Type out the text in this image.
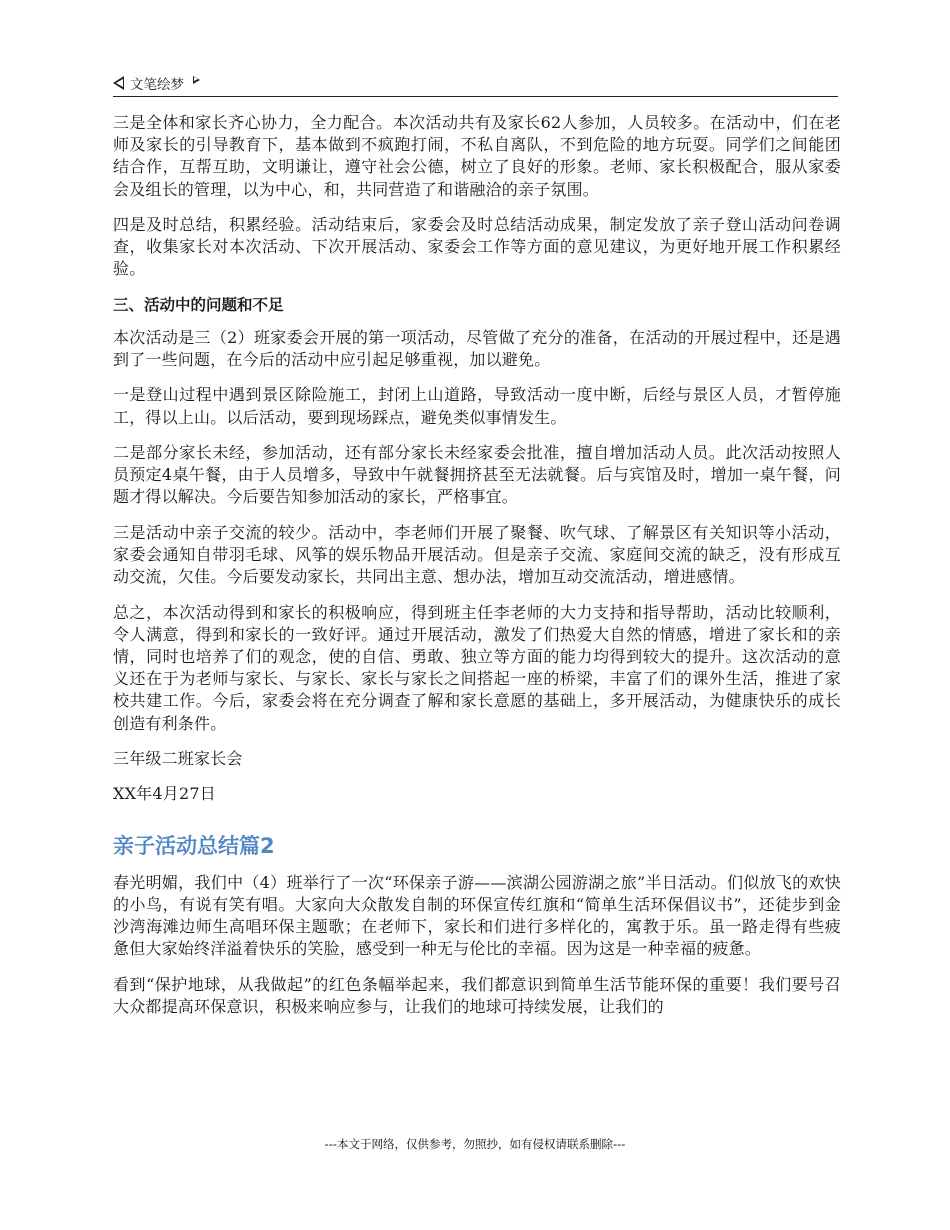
文笔绘梦

三是全体和家长齐心协力，全力配合。本次活动共有及家长62人参加，人员较多。在活动中，们在老师及家长的引导教育下，基本做到不疯跑打闹，不私自离队，不到危险的地方玩耍。同学们之间能团结合作，互帮互助，文明谦让，遵守社会公德，树立了良好的形象。老师、家长积极配合，服从家委会及组长的管理，以为中心，和，共同营造了和谐融洽的亲子氛围。

四是及时总结，积累经验。活动结束后，家委会及时总结活动成果，制定发放了亲子登山活动问卷调查，收集家长对本次活动、下次开展活动、家委会工作等方面的意见建议，为更好地开展工作积累经验。

三、活动中的问题和不足

本次活动是三（2）班家委会开展的第一项活动，尽管做了充分的准备，在活动的开展过程中，还是遇到了一些问题，在今后的活动中应引起足够重视，加以避免。

一是登山过程中遇到景区除险施工，封闭上山道路，导致活动一度中断，后经与景区人员，才暂停施工，得以上山。以后活动，要到现场踩点，避免类似事情发生。

二是部分家长未经，参加活动，还有部分家长未经家委会批准，擅自增加活动人员。此次活动按照人员预定4桌午餐，由于人员增多，导致中午就餐拥挤甚至无法就餐。后与宾馆及时，增加一桌午餐，问题才得以解决。今后要告知参加活动的家长，严格事宜。

三是活动中亲子交流的较少。活动中，李老师们开展了聚餐、吹气球、了解景区有关知识等小活动，家委会通知自带羽毛球、风筝的娱乐物品开展活动。但是亲子交流、家庭间交流的缺乏，没有形成互动交流，欠佳。今后要发动家长，共同出主意、想办法，增加互动交流活动，增进感情。

总之，本次活动得到和家长的积极响应，得到班主任李老师的大力支持和指导帮助，活动比较顺利，令人满意，得到和家长的一致好评。通过开展活动，激发了们热爱大自然的情感，增进了家长和的亲情，同时也培养了们的观念，使的自信、勇敢、独立等方面的能力均得到较大的提升。这次活动的意义还在于为老师与家长、与家长、家长与家长之间搭起一座的桥梁，丰富了们的课外生活，推进了家校共建工作。今后，家委会将在充分调查了解和家长意愿的基础上，多开展活动，为健康快乐的成长创造有利条件。

三年级二班家长会

XX年4月27日

亲子活动总结篇2

春光明媚，我们中（4）班举行了一次“环保亲子游——滨湖公园游湖之旅”半日活动。们似放飞的欢快的小鸟，有说有笑有唱。大家向大众散发自制的环保宣传红旗和“简单生活环保倡议书”，还徒步到金沙湾海滩边师生高唱环保主题歌；在老师下，家长和们进行多样化的，寓教于乐。虽一路走得有些疲惫但大家始终洋溢着快乐的笑脸，感受到一种无与伦比的幸福。因为这是一种幸福的疲惫。

看到“保护地球，从我做起”的红色条幅举起来，我们都意识到简单生活节能环保的重要！我们要号召大众都提高环保意识，积极来响应参与，让我们的地球可持续发展，让我们的

---本文于网络，仅供参考，勿照抄，如有侵权请联系删除---
